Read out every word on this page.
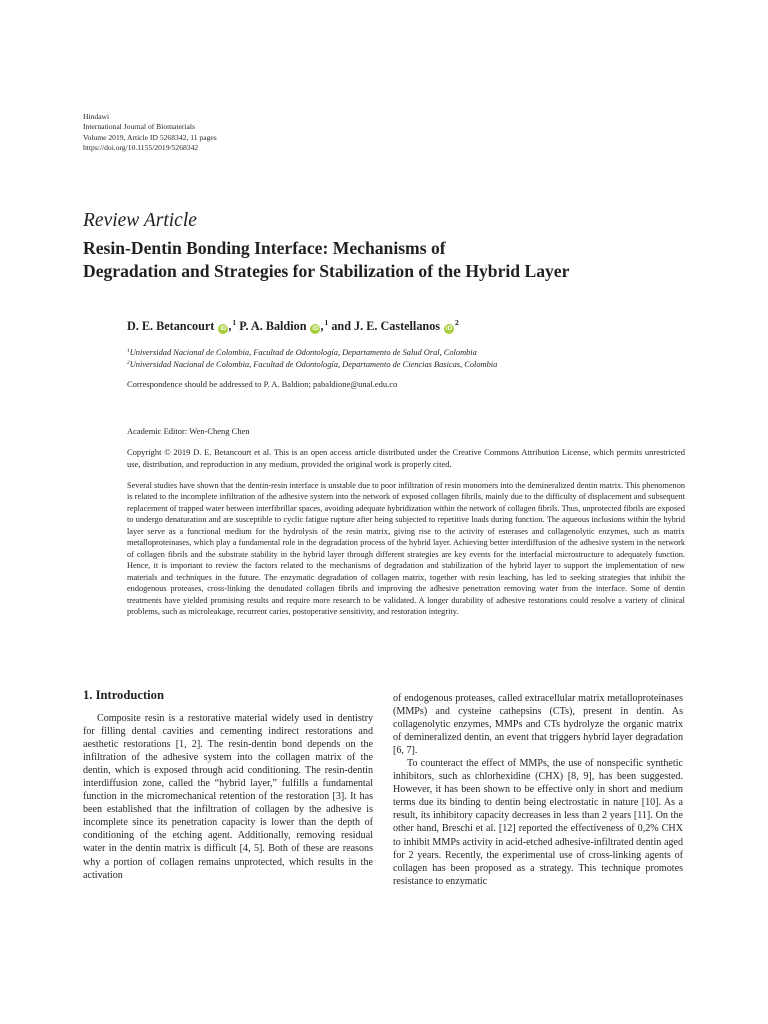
Hindawi
International Journal of Biomaterials
Volume 2019, Article ID 5268342, 11 pages
https://doi.org/10.1155/2019/5268342
Review Article
Resin-Dentin Bonding Interface: Mechanisms of
Degradation and Strategies for Stabilization of the Hybrid Layer
D. E. Betancourt iD ,$^1$ P. A. Baldion iD ,$^1$ and J. E. Castellanos $iD^2$
$^1$Universidad Nacional de Colombia, Facultad de Odontología, Departamento de Salud Oral, Colombia
$^2$Universidad Nacional de Colombia, Facultad de Odontología, Departamento de Ciencias Basicas, Colombia
Correspondence should be addressed to P. A. Baldion; pabaldione@unal.edu.co
Academic Editor: Wen-Cheng Chen
Copyright © 2019 D. E. Betancourt et al. This is an open access article distributed under the Creative Commons Attribution License, which permits unrestricted use, distribution, and reproduction in any medium, provided the original work is properly cited.
Several studies have shown that the dentin-resin interface is unstable due to poor infiltration of resin monomers into the demineralized dentin matrix. This phenomenon is related to the incomplete infiltration of the adhesive system into the network of exposed collagen fibrils, mainly due to the difficulty of displacement and subsequent replacement of trapped water between interfibrillar spaces, avoiding adequate hybridization within the network of collagen fibrils. Thus, unprotected fibrils are exposed to undergo denaturation and are susceptible to cyclic fatigue rupture after being subjected to repetitive loads during function. The aqueous inclusions within the hybrid layer serve as a functional medium for the hydrolysis of the resin matrix, giving rise to the activity of esterases and collagenolytic enzymes, such as matrix metalloproteinases, which play a fundamental role in the degradation process of the hybrid layer. Achieving better interdiffusion of the adhesive system in the network of collagen fibrils and the substrate stability in the hybrid layer through different strategies are key events for the interfacial microstructure to adequately function. Hence, it is important to review the factors related to the mechanisms of degradation and stabilization of the hybrid layer to support the implementation of new materials and techniques in the future. The enzymatic degradation of collagen matrix, together with resin leaching, has led to seeking strategies that inhibit the endogenous proteases, cross-linking the denudated collagen fibrils and improving the adhesive penetration removing water from the interface. Some of dentin treatments have yielded promising results and require more research to be validated. A longer durability of adhesive restorations could resolve a variety of clinical problems, such as microleakage, recurrent caries, postoperative sensitivity, and restoration integrity.
1. Introduction

Composite resin is a restorative material widely used in dentistry for filling dental cavities and cementing indirect restorations and aesthetic restorations [1, 2]. The resin-dentin bond depends on the infiltration of the adhesive system into the collagen matrix of the dentin, which is exposed through acid conditioning. The resin-dentin interdiffusion zone, called the “hybrid layer,” fulfills a fundamental function in the micromechanical retention of the restoration [3]. It has been established that the infiltration of collagen by the adhesive is incomplete since its penetration capacity is lower than the depth of conditioning of the etching agent. Additionally, removing residual water in the dentin matrix is difficult [4, 5]. Both of these are reasons why a portion of collagen remains unprotected, which results in the activation

of endogenous proteases, called extracellular matrix metalloproteinases (MMPs) and cysteine cathepsins (CTs), present in dentin. As collagenolytic enzymes, MMPs and CTs hydrolyze the organic matrix of demineralized dentin, an event that triggers hybrid layer degradation [6, 7].

To counteract the effect of MMPs, the use of nonspecific synthetic inhibitors, such as chlorhexidine (CHX) [8, 9], has been suggested. However, it has been shown to be effective only in short and medium terms due its binding to dentin being electrostatic in nature [10]. As a result, its inhibitory capacity decreases in less than 2 years [11]. On the other hand, Breschi et al. [12] reported the effectiveness of 0,2% CHX to inhibit MMPs activity in acid-etched adhesive-infiltrated dentin aged for 2 years. Recently, the experimental use of cross-linking agents of collagen has been proposed as a strategy. This technique promotes resistance to enzymatic
